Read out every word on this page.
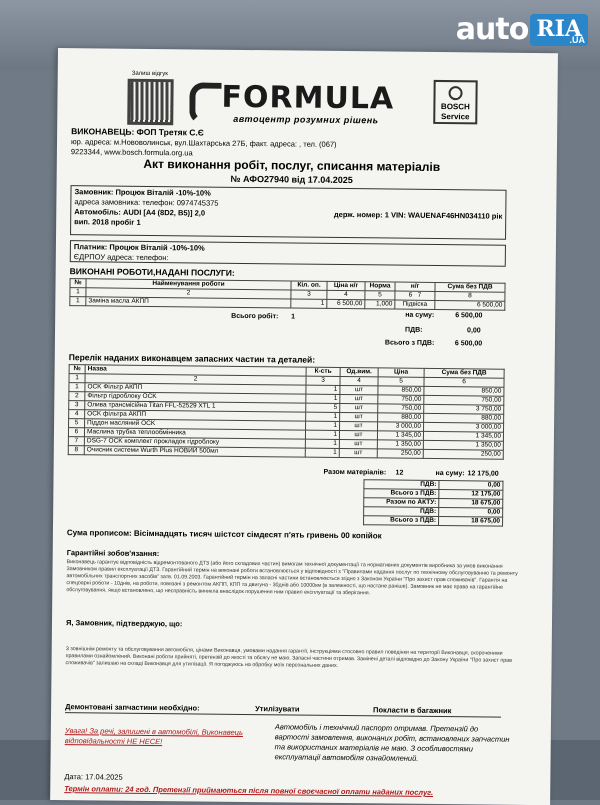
auto RIA .UA
Залиш відгук
FORMULA
автоцентр розумних рішень
BOSCH
Service
ВИКОНАВЕЦЬ: ФОП Третяк С.Є
юр. адреса: м.Нововолинськ, вул.Шахтарська 27Б, факт. адреса: , тел. (067)
9223344, www.bosch.formula.org.ua
Акт виконання робіт, послуг, списання матеріалів
№ АФО27940 від 17.04.2025
Замовник: Процюк Віталій -10%-10%
адреса замовника: телефон: 0974745375
Автомобіль: AUDI [A4 (8D2, B5)] 2,0	держ. номер: 1 VIN: WAUENAF46HN034110 рік
вип. 2018 пробіг 1
Платник: Процюк Віталій -10%-10%
ЄДРПОУ адреса: телефон:
ВИКОНАНІ РОБОТИ,НАДАНІ ПОСЛУГИ:
№	Найменування роботи	Кіл. оп.	Ціна н/г	Норма	н/г	Сума без ПДВ
1	2	3	4	5	6 7	8
1	Заміна масла АКПП	1	6 500,00	1,000	Підвіска	6 500,00
Всього робіт: 1	на суму:	6 500,00
ПДВ:	0,00
Всього з ПДВ:	6 500,00
Перелік наданих виконавцем запасних частин та деталей:
№	Назва	К-сть	Од.вим.	Ціна	Сума без ПДВ
1	2	3	4	5	6
1	OCK Фільтр АКПП	1	шт	850,00	850,00
2	Фільтр гідроблоку OCK	1	шт	750,00	750,00
3	Олива трансмісійна Titan FFL-52529 XTL 1	5	шт	750,00	3 750,00
4	OCK фільтра АКПП	1	шт	880,00	880,00
5	Піддон масляний OCK	1	шт	3 000,00	3 000,00
6	Маслина трубка теплообмінника	1	шт	1 345,00	1 345,00
7	DSG-7 OCK комплект прокладок гідроблоку	1	шт	1 350,00	1 350,00
8	Очисник системи Wurth Plus НОВИЙ 500мл	1	шт	250,00	250,00
Разом матеріалів: 12	на суму: 12 175,00
ПДВ:	0,00
Всього з ПДВ:	12 175,00
Разом по АКТУ:	18 675,00
ПДВ:	0,00
Всього з ПДВ:	18 675,00
Сума прописом: Вісімнадцять тисяч шістсот сімдесят п'ять гривень 00 копійок
Гарантійні зобов'язання:
Виконавець гарантує відповідність відремонтованого ДТЗ (або його складових частин) вимогам технічної документації та нормативних документів виробника за умов виконання Замовником правил експлуатації ДТЗ. Гарантійний термін на виконані роботи встановлюється у відповідності з "Правилами надання послуг по технічному обслуговуванню та ремонту автомобільних транспортних засобів" затв. 01.09.2003. Гарантійний термін на запасні частини встановлюється згідно з Законом України "Про захист прав споживачів". Гарантія на спецоарні роботи - 10днів, на роботи, повязані з ремонтом АКПП, КПП та двигуна - 30днів або 10000км (в залежності, що настане раніше). Замовник не має права на гарантійне обслуговування, якщо встановлено, що несправність виникла внаслідок порушення ним правил експлуатації та зберігання.
Я, Замовник, підтверджую, що:
З зовнішнім ремонту та обслуговування автомобіля, цінами Виконавця, умовами надання гарантії, інструкціями стосовно правил поведінки на території Виконавця, скороченими правилами ознайомлений. Виконані роботи прийняті, претензій до якості та обсягу не маю. Запасні частини отримав. Замінені деталі відповідно до Закону України "Про захист прав споживачів" залишаю на складі Виконавця для утилізації. Я погоджуюсь на обробку моїх персональних даних.
Демонтовані запчастини необхідно:	Утилізувати	Покласти в багажник
Увага! За речі, залишені в автомобілі, Виконавець відповідальності НЕ НЕСЕ!
Автомобіль і технічний паспорт отримав. Претензій до вартості замовлення, виконаних робіт, встановлених запчастин та використаних матеріалів не маю. З особливостями експлуатації автомобіля ознайомлений.
Дата: 17.04.2025
Термін оплати: 24 год. Претензії приймаються після повної своєчасної оплати наданих послуг.
